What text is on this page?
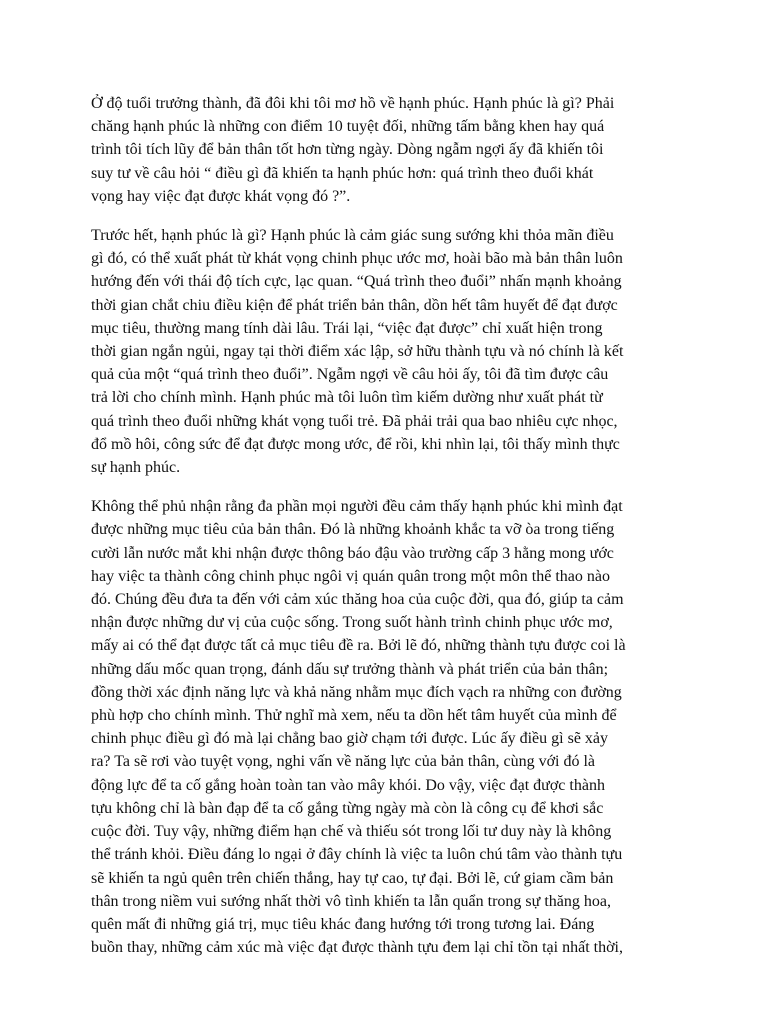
Ở độ tuổi trưởng thành, đã đôi khi tôi mơ hồ về hạnh phúc. Hạnh phúc là gì? Phải
chăng hạnh phúc là những con điểm 10 tuyệt đối, những tấm bằng khen hay quá
trình tôi tích lũy để bản thân tốt hơn từng ngày. Dòng ngẫm ngợi ấy đã khiến tôi
suy tư về câu hỏi “ điều gì đã khiến ta hạnh phúc hơn: quá trình theo đuổi khát
vọng hay việc đạt được khát vọng đó ?”.

Trước hết, hạnh phúc là gì? Hạnh phúc là cảm giác sung sướng khi thỏa mãn điều
gì đó, có thể xuất phát từ khát vọng chinh phục ước mơ, hoài bão mà bản thân luôn
hướng đến với thái độ tích cực, lạc quan. “Quá trình theo đuổi” nhấn mạnh khoảng
thời gian chắt chiu điều kiện để phát triển bản thân, dồn hết tâm huyết để đạt được
mục tiêu, thường mang tính dài lâu. Trái lại, “việc đạt được” chỉ xuất hiện trong
thời gian ngắn ngủi, ngay tại thời điểm xác lập, sở hữu thành tựu và nó chính là kết
quả của một “quá trình theo đuổi”. Ngẫm ngợi về câu hỏi ấy, tôi đã tìm được câu
trả lời cho chính mình. Hạnh phúc mà tôi luôn tìm kiếm dường như xuất phát từ
quá trình theo đuổi những khát vọng tuổi trẻ. Đã phải trải qua bao nhiêu cực nhọc,
đổ mồ hôi, công sức để đạt được mong ước, để rồi, khi nhìn lại, tôi thấy mình thực
sự hạnh phúc.

Không thể phủ nhận rằng đa phần mọi người đều cảm thấy hạnh phúc khi mình đạt
được những mục tiêu của bản thân. Đó là những khoảnh khắc ta vỡ òa trong tiếng
cười lẫn nước mắt khi nhận được thông báo đậu vào trường cấp 3 hằng mong ước
hay việc ta thành công chinh phục ngôi vị quán quân trong một môn thể thao nào
đó. Chúng đều đưa ta đến với cảm xúc thăng hoa của cuộc đời, qua đó, giúp ta cảm
nhận được những dư vị của cuộc sống. Trong suốt hành trình chinh phục ước mơ,
mấy ai có thể đạt được tất cả mục tiêu đề ra. Bởi lẽ đó, những thành tựu được coi là
những dấu mốc quan trọng, đánh dấu sự trưởng thành và phát triển của bản thân;
đồng thời xác định năng lực và khả năng nhằm mục đích vạch ra những con đường
phù hợp cho chính mình. Thử nghĩ mà xem, nếu ta dồn hết tâm huyết của mình để
chinh phục điều gì đó mà lại chẳng bao giờ chạm tới được. Lúc ấy điều gì sẽ xảy
ra? Ta sẽ rơi vào tuyệt vọng, nghi vấn về năng lực của bản thân, cùng với đó là
động lực để ta cố gắng hoàn toàn tan vào mây khói. Do vậy, việc đạt được thành
tựu không chỉ là bàn đạp để ta cố gắng từng ngày mà còn là công cụ để khơi sắc
cuộc đời. Tuy vậy, những điểm hạn chế và thiếu sót trong lối tư duy này là không
thể tránh khỏi. Điều đáng lo ngại ở đây chính là việc ta luôn chú tâm vào thành tựu
sẽ khiến ta ngủ quên trên chiến thắng, hay tự cao, tự đại. Bởi lẽ, cứ giam cầm bản
thân trong niềm vui sướng nhất thời vô tình khiến ta lẫn quẩn trong sự thăng hoa,
quên mất đi những giá trị, mục tiêu khác đang hướng tới trong tương lai. Đáng
buồn thay, những cảm xúc mà việc đạt được thành tựu đem lại chỉ tồn tại nhất thời,
